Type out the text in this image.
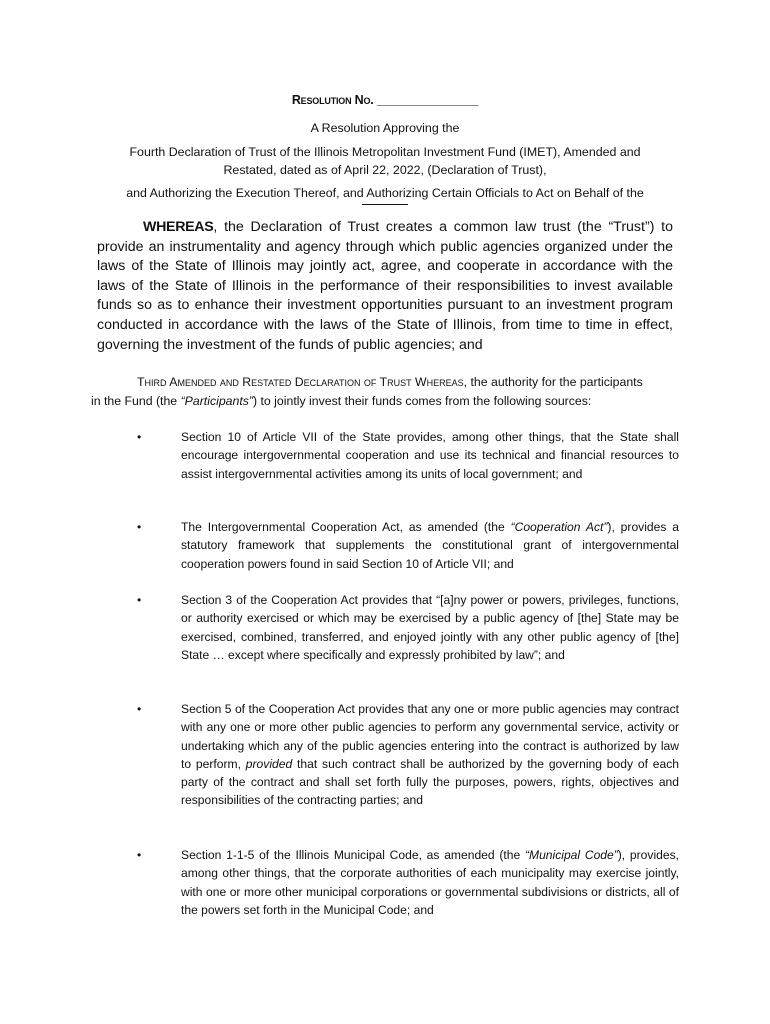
Resolution No. _______________
A Resolution Approving the
Fourth Declaration of Trust of the Illinois Metropolitan Investment Fund (IMET), Amended and
Restated, dated as of April 22, 2022, (Declaration of Trust),
and Authorizing the Execution Thereof, and Authorizing Certain Officials to Act on Behalf of the
WHEREAS, the Declaration of Trust creates a common law trust (the “Trust”) to provide an instrumentality and agency through which public agencies organized under the laws of the State of Illinois may jointly act, agree, and cooperate in accordance with the laws of the State of Illinois in the performance of their responsibilities to invest available funds so as to enhance their investment opportunities pursuant to an investment program conducted in accordance with the laws of the State of Illinois, from time to time in effect, governing the investment of the funds of public agencies; and
Third Amended and Restated Declaration of Trust Whereas, the authority for the participants in the Fund (the “Participants”) to jointly invest their funds comes from the following sources:
•	Section 10 of Article VII of the State provides, among other things, that the State shall encourage intergovernmental cooperation and use its technical and financial resources to assist intergovernmental activities among its units of local government; and
•	The Intergovernmental Cooperation Act, as amended (the “Cooperation Act”), provides a statutory framework that supplements the constitutional grant of intergovernmental cooperation powers found in said Section 10 of Article VII; and
•	Section 3 of the Cooperation Act provides that “[a]ny power or powers, privileges, functions, or authority exercised or which may be exercised by a public agency of [the] State may be exercised, combined, transferred, and enjoyed jointly with any other public agency of [the] State … except where specifically and expressly prohibited by law”; and
•	Section 5 of the Cooperation Act provides that any one or more public agencies may contract with any one or more other public agencies to perform any governmental service, activity or undertaking which any of the public agencies entering into the contract is authorized by law to perform, provided that such contract shall be authorized by the governing body of each party of the contract and shall set forth fully the purposes, powers, rights, objectives and responsibilities of the contracting parties; and
•	Section 1-1-5 of the Illinois Municipal Code, as amended (the “Municipal Code”), provides, among other things, that the corporate authorities of each municipality may exercise jointly, with one or more other municipal corporations or governmental subdivisions or districts, all of the powers set forth in the Municipal Code; and
